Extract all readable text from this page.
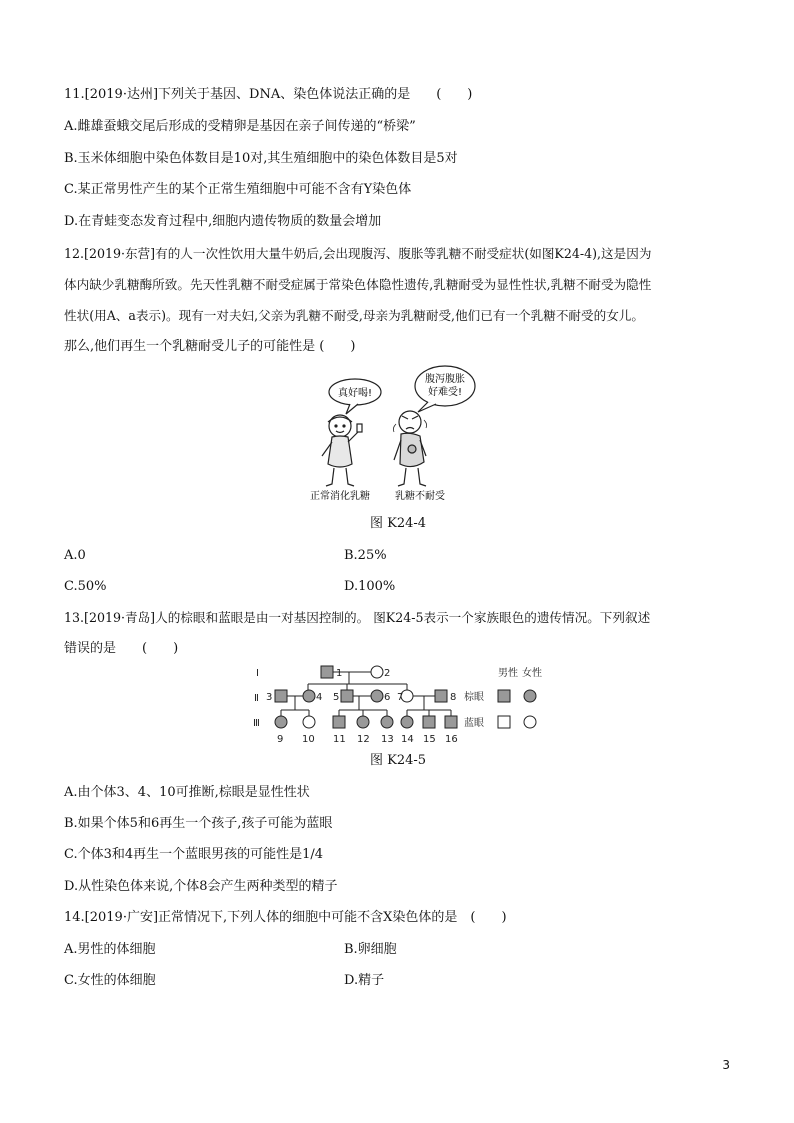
11.[2019·达州]下列关于基因、DNA、染色体说法正确的是　　(　　)
A.雌雄蚕蛾交尾后形成的受精卵是基因在亲子间传递的“桥梁”
B.玉米体细胞中染色体数目是10对,其生殖细胞中的染色体数目是5对
C.某正常男性产生的某个正常生殖细胞中可能不含有Y染色体
D.在青蛙变态发育过程中,细胞内遗传物质的数量会增加
12.[2019·东营]有的人一次性饮用大量牛奶后,会出现腹泻、腹胀等乳糖不耐受症状(如图K24-4),这是因为
体内缺少乳糖酶所致。先天性乳糖不耐受症属于常染色体隐性遗传,乳糖耐受为显性性状,乳糖不耐受为隐性
性状(用A、a表示)。现有一对夫妇,父亲为乳糖不耐受,母亲为乳糖耐受,他们已有一个乳糖不耐受的女儿。
那么,他们再生一个乳糖耐受儿子的可能性是 (　　)
真好喝!
腹泻腹胀
好难受!
正常消化乳糖	乳糖不耐受
图 K24-4
A.0	B.25%
C.50%	D.100%
13.[2019·青岛]人的棕眼和蓝眼是由一对基因控制的。 图K24-5表示一个家族眼色的遗传情况。下列叙述
错误的是　　(　　)
Ⅰ
Ⅱ
Ⅲ
1	2
3	4 5	6 7	8
9 10 11 12 13 14 15 16
男性 女性
棕眼
蓝眼
图 K24-5
A.由个体3、4、10可推断,棕眼是显性性状
B.如果个体5和6再生一个孩子,孩子可能为蓝眼
C.个体3和4再生一个蓝眼男孩的可能性是1/4
D.从性染色体来说,个体8会产生两种类型的精子
14.[2019·广安]正常情况下,下列人体的细胞中可能不含X染色体的是　(　　)
A.男性的体细胞	B.卵细胞
C.女性的体细胞	D.精子
3
